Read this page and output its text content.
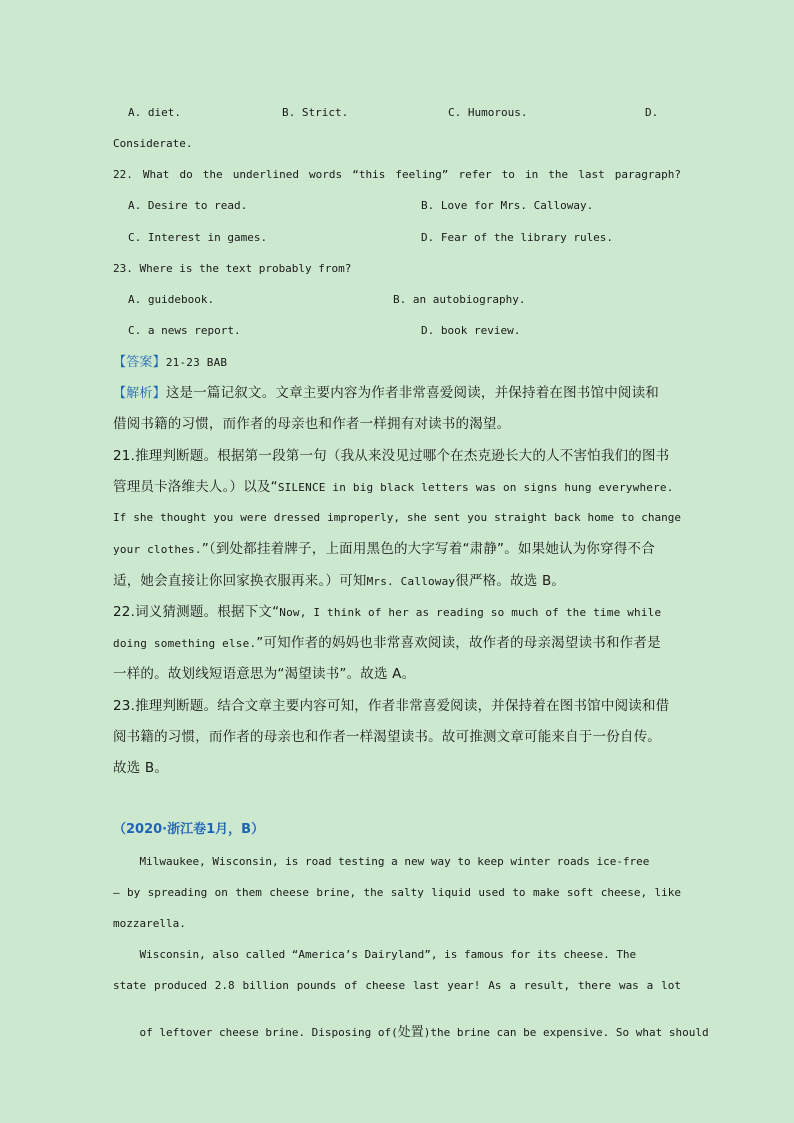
A. diet.	B. Strict.	C. Humorous.	D.
Considerate.
22. What do the underlined words “this feeling” refer to in the last paragraph?
A. Desire to read.	B. Love for Mrs. Calloway.
C. Interest in games.	D. Fear of the library rules.
23. Where is the text probably from?
A. guidebook.	B. an autobiography.
C. a news report.	D. book review.
【答案】21-23 BAB
【解析】这是一篇记叙文。文章主要内容为作者非常喜爱阅读，并保持着在图书馆中阅读和
借阅书籍的习惯，而作者的母亲也和作者一样拥有对读书的渴望。
21.推理判断题。根据第一段第一句（我从来没见过哪个在杰克逊长大的人不害怕我们的图书
管理员卡洛维夫人。）以及“SILENCE in big black letters was on signs hung everywhere.
If she thought you were dressed improperly, she sent you straight back home to change
your clothes.”（到处都挂着牌子，上面用黑色的大字写着“肃静”。如果她认为你穿得不合
适，她会直接让你回家换衣服再来。）可知Mrs. Calloway很严格。故选 B。
22.词义猜测题。根据下文“Now, I think of her as reading so much of the time while
doing something else.”可知作者的妈妈也非常喜欢阅读，故作者的母亲渴望读书和作者是
一样的。故划线短语意思为“渴望读书”。故选 A。
23.推理判断题。结合文章主要内容可知，作者非常喜爱阅读，并保持着在图书馆中阅读和借
阅书籍的习惯，而作者的母亲也和作者一样渴望读书。故可推测文章可能来自于一份自传。
故选 B。
（2020·浙江卷1月，B）
Milwaukee, Wisconsin, is road testing a new way to keep winter roads ice-free
— by spreading on them cheese brine, the salty liquid used to make soft cheese, like
mozzarella.
Wisconsin, also called “America’s Dairyland”, is famous for its cheese. The
state produced 2.8 billion pounds of cheese last year! As a result, there was a lot

of leftover cheese brine. Disposing of(处置)the brine can be expensive. So what should
